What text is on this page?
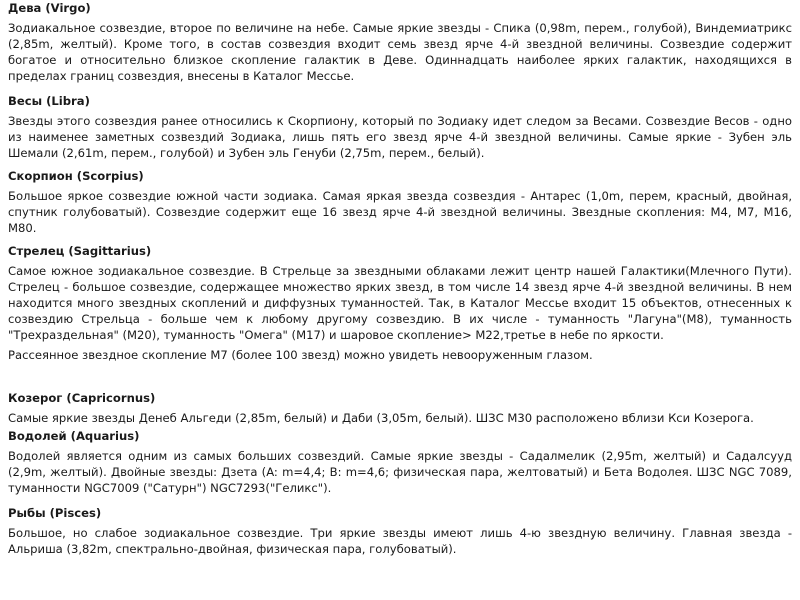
Дева (Virgo)

Зодиакальное созвездие, второе по величине на небе. Самые яркие звезды - Спика (0,98m, перем., голубой), Виндемиатрикс (2,85m, желтый). Кроме того, в состав созвездия входит семь звезд ярче 4-й звездной величины. Созвездие содержит богатое и относительно близкое скопление галактик в Деве. Одиннадцать наиболее ярких галактик, находящихся в пределах границ созвездия, внесены в Каталог Мессье.

Весы (Libra)

Звезды этого созвездия ранее относились к Скорпиону, который по Зодиаку идет следом за Весами. Созвездие Весов - одно из наименее заметных созвездий Зодиака, лишь пять его звезд ярче 4-й звездной величины. Самые яркие - Зубен эль Шемали (2,61m, перем., голубой) и Зубен эль Генуби (2,75m, перем., белый).

Скорпион (Scorpius)

Большое яркое созвездие южной части зодиака. Самая яркая звезда созвездия - Антарес (1,0m, перем, красный, двойная, спутник голубоватый). Созвездие содержит еще 16 звезд ярче 4-й звездной величины. Звездные скопления: M4, M7, M16, M80.

Стрелец (Sagittarius)

Самое южное зодиакальное созвездие. В Стрельце за звездными облаками лежит центр нашей Галактики(Млечного Пути). Стрелец - большое созвездие, содержащее множество ярких звезд, в том числе 14 звезд ярче 4-й звездной величины. В нем находится много звездных скоплений и диффузных туманностей. Так, в Каталог Мессье входит 15 объектов, отнесенных к созвездию Стрельца - больше чем к любому другому созвездию. В их числе - туманность "Лагуна"(M8), туманность "Трехраздельная" (M20), туманность "Омега" (M17) и шаровое скопление> M22,третье в небе по яркости.

Рассеянное звездное скопление M7 (более 100 звезд) можно увидеть невооруженным глазом.

Козерог (Capricornus)

Самые яркие звезды Денеб Альгеди (2,85m, белый) и Даби (3,05m, белый). ШЗС M30 расположено вблизи Кси Козерога.

Водолей (Aquarius)

Водолей является одним из самых больших созвездий. Самые яркие звезды - Садалмелик (2,95m, желтый) и Садалсууд (2,9m, желтый). Двойные звезды: Дзета (A: m=4,4; B: m=4,6; физическая пара, желтоватый) и Бета Водолея. ШЗС NGC 7089, туманности NGC7009 ("Сатурн") NGC7293("Геликс").

Рыбы (Pisces)

Большое, но слабое зодиакальное созвездие. Три яркие звезды имеют лишь 4-ю звездную величину. Главная звезда - Альриша (3,82m, спектрально-двойная, физическая пара, голубоватый).
